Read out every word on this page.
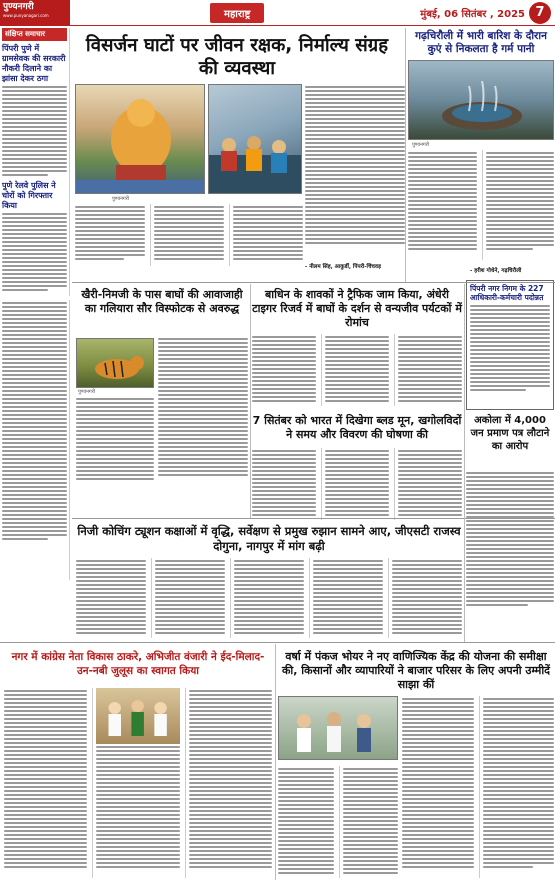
पुण्यनगरी
www.punyanagari.com	महाराष्ट्र	मुंबई, 06 सितंबर , 2025 7
संक्षिप्त समाचार
पिंपरी पुणे में ग्रामसेवक की सरकारी नौकरी दिलाने का झांसा देकर ठगा
पुणे रेलवे पुलिस ने चोरों को गिरफ्तार किया
विसर्जन घाटों पर जीवन रक्षक, निर्माल्य संग्रह की व्यवस्था
पुण्यनगरी
- नीलम सिंह, आकुर्डी, पिंपरी-चिंचवड़
गढ़चिरौली में भारी बारिश के दौरान कुएं से निकलता है गर्म पानी
पुण्यनगरी
- हरीश गोधेने, गढ़चिरौली
खैरी-निमजी के पास बाघों की आवाजाही का गलियारा सौर विस्फोटक से अवरुद्ध
पुण्यनगरी
बाधिन के शावकों ने ट्रैफिक जाम किया, अंधेरी टाइगर रिजर्व में बाघों के दर्शन से वन्यजीव पर्यटकों में रोमांच
पिंपरी नगर निगम के 227 आधिकारी-कर्मचारी पदोन्नत
7 सितंबर को भारत में दिखेगा ब्लड मून, खगोलविदों ने समय और विवरण की घोषणा की
अकोला में 4,000 जन प्रमाण पत्र लौटाने का आरोप
निजी कोचिंग ट्यूशन कक्षाओं में वृद्धि, सर्वेक्षण से प्रमुख रुझान सामने आए, जीएसटी राजस्व दोगुना, नागपुर में मांग बढ़ी
नगर में कांग्रेस नेता विकास ठाकरे, अभिजीत वंजारी ने ईद-मिलाद-उन-नबी जुलूस का स्वागत किया
वर्षा में पंकज भोयर ने नए वाणिज्यिक केंद्र की योजना की समीक्षा की, किसानों और व्यापारियों ने बाजार परिसर के लिए अपनी उम्मीदें साझा कीं
